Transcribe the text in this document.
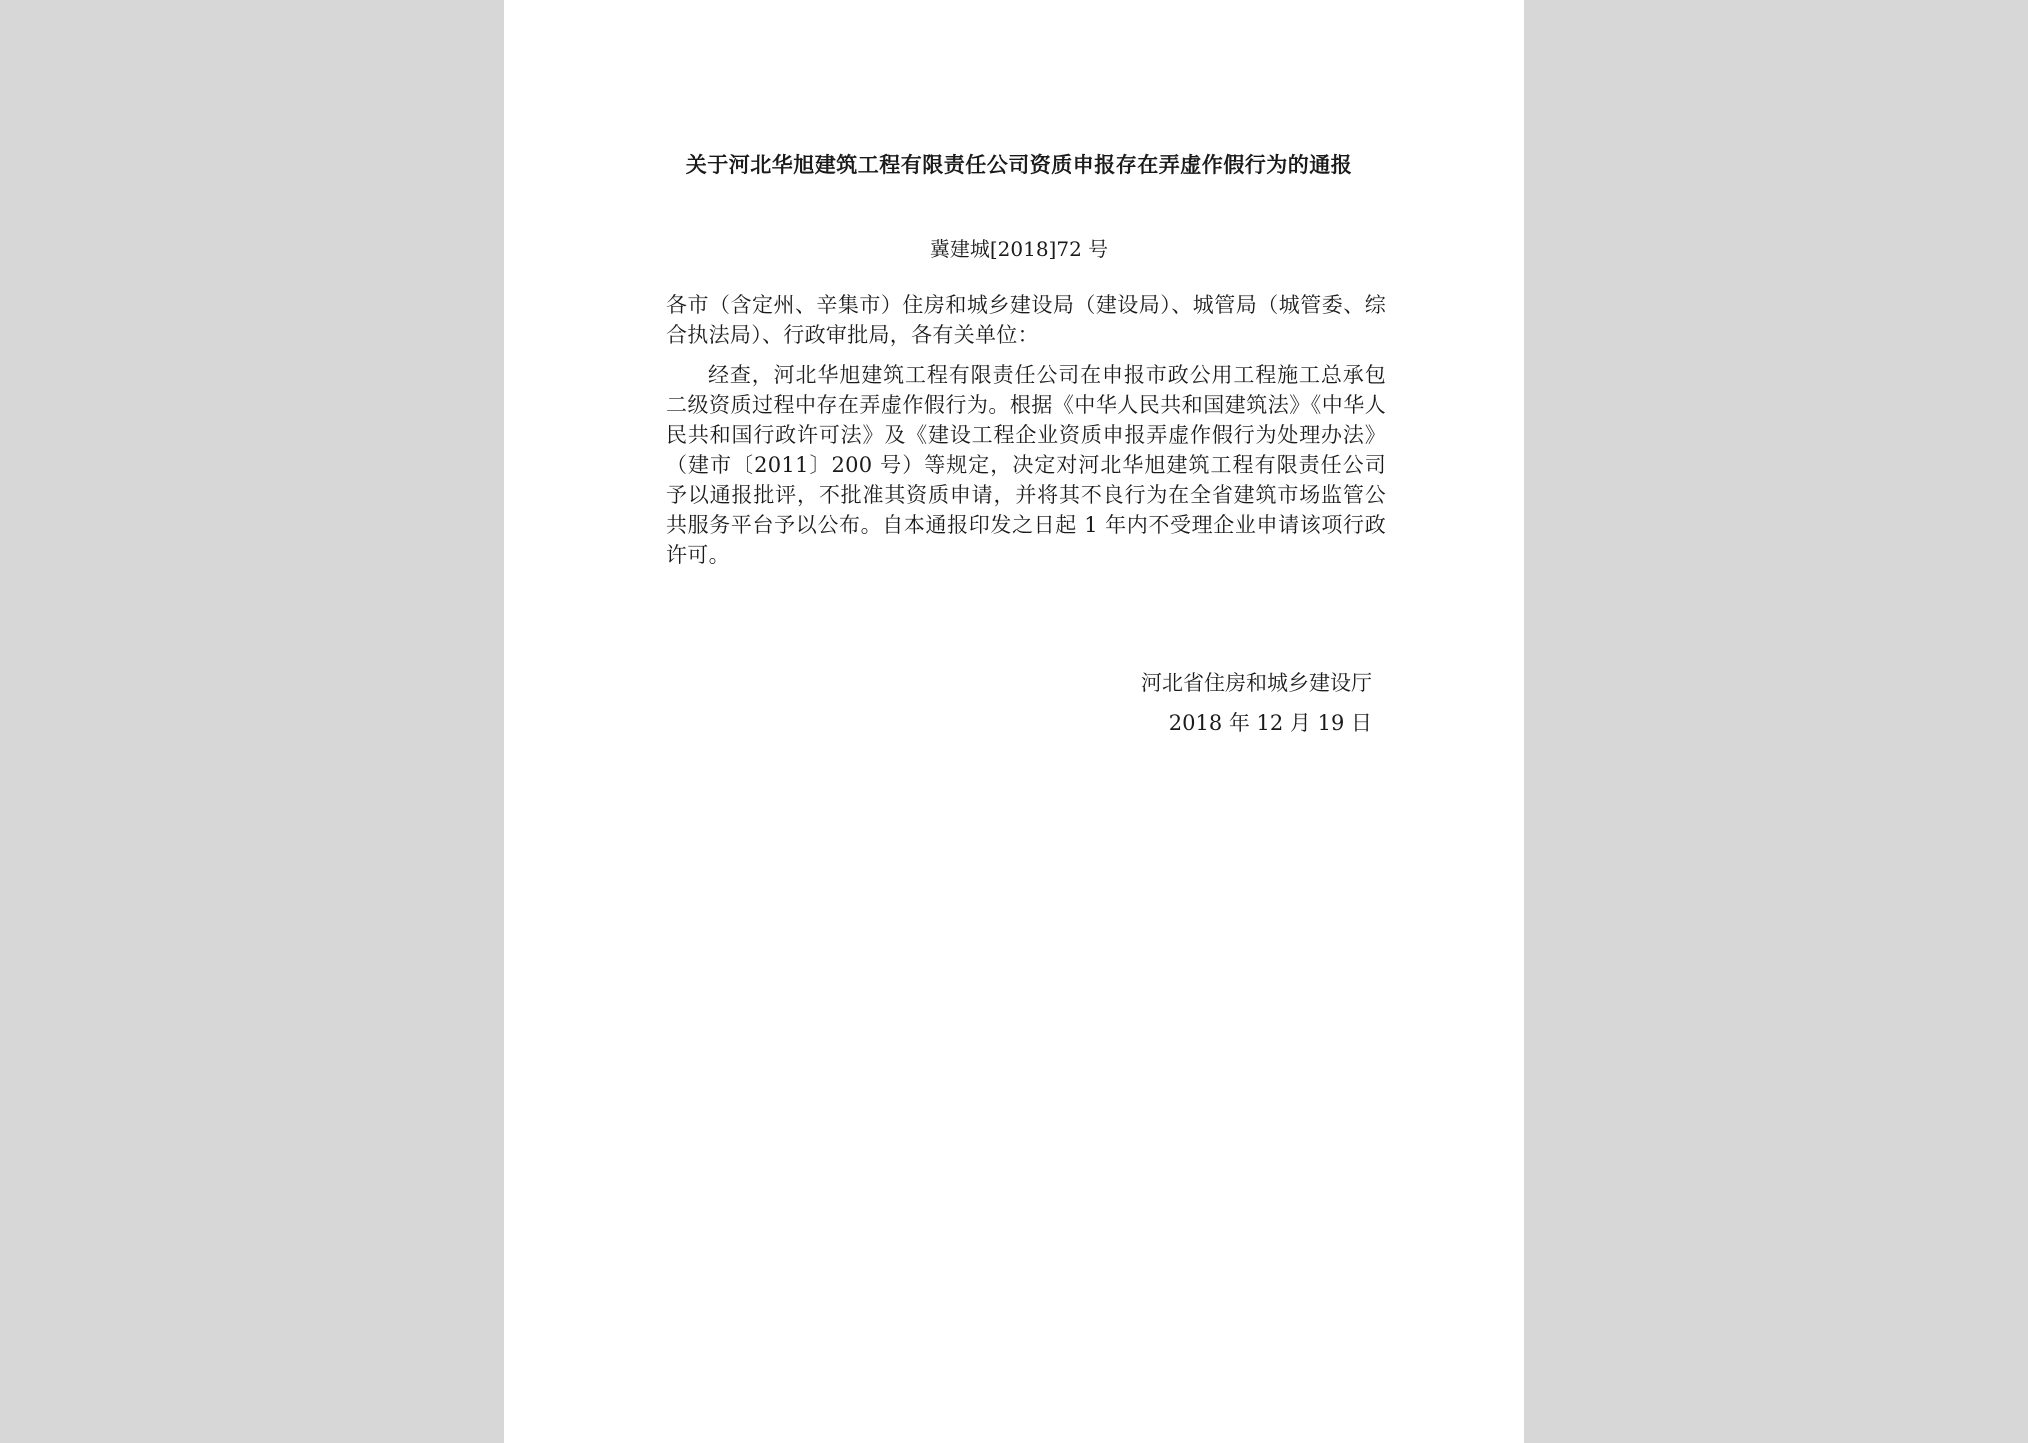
关于河北华旭建筑工程有限责任公司资质申报存在弄虚作假行为的通报
冀建城[2018]72 号
各市（含定州、辛集市）住房和城乡建设局（建设局）、城管局（城管委、综合执法局）、行政审批局，各有关单位：
经查，河北华旭建筑工程有限责任公司在申报市政公用工程施工总承包二级资质过程中存在弄虚作假行为。根据《中华人民共和国建筑法》《中华人民共和国行政许可法》及《建设工程企业资质申报弄虚作假行为处理办法》（建市〔2011〕200 号）等规定，决定对河北华旭建筑工程有限责任公司予以通报批评，不批准其资质申请，并将其不良行为在全省建筑市场监管公共服务平台予以公布。自本通报印发之日起 1 年内不受理企业申请该项行政许可。
河北省住房和城乡建设厅
2018 年 12 月 19 日
